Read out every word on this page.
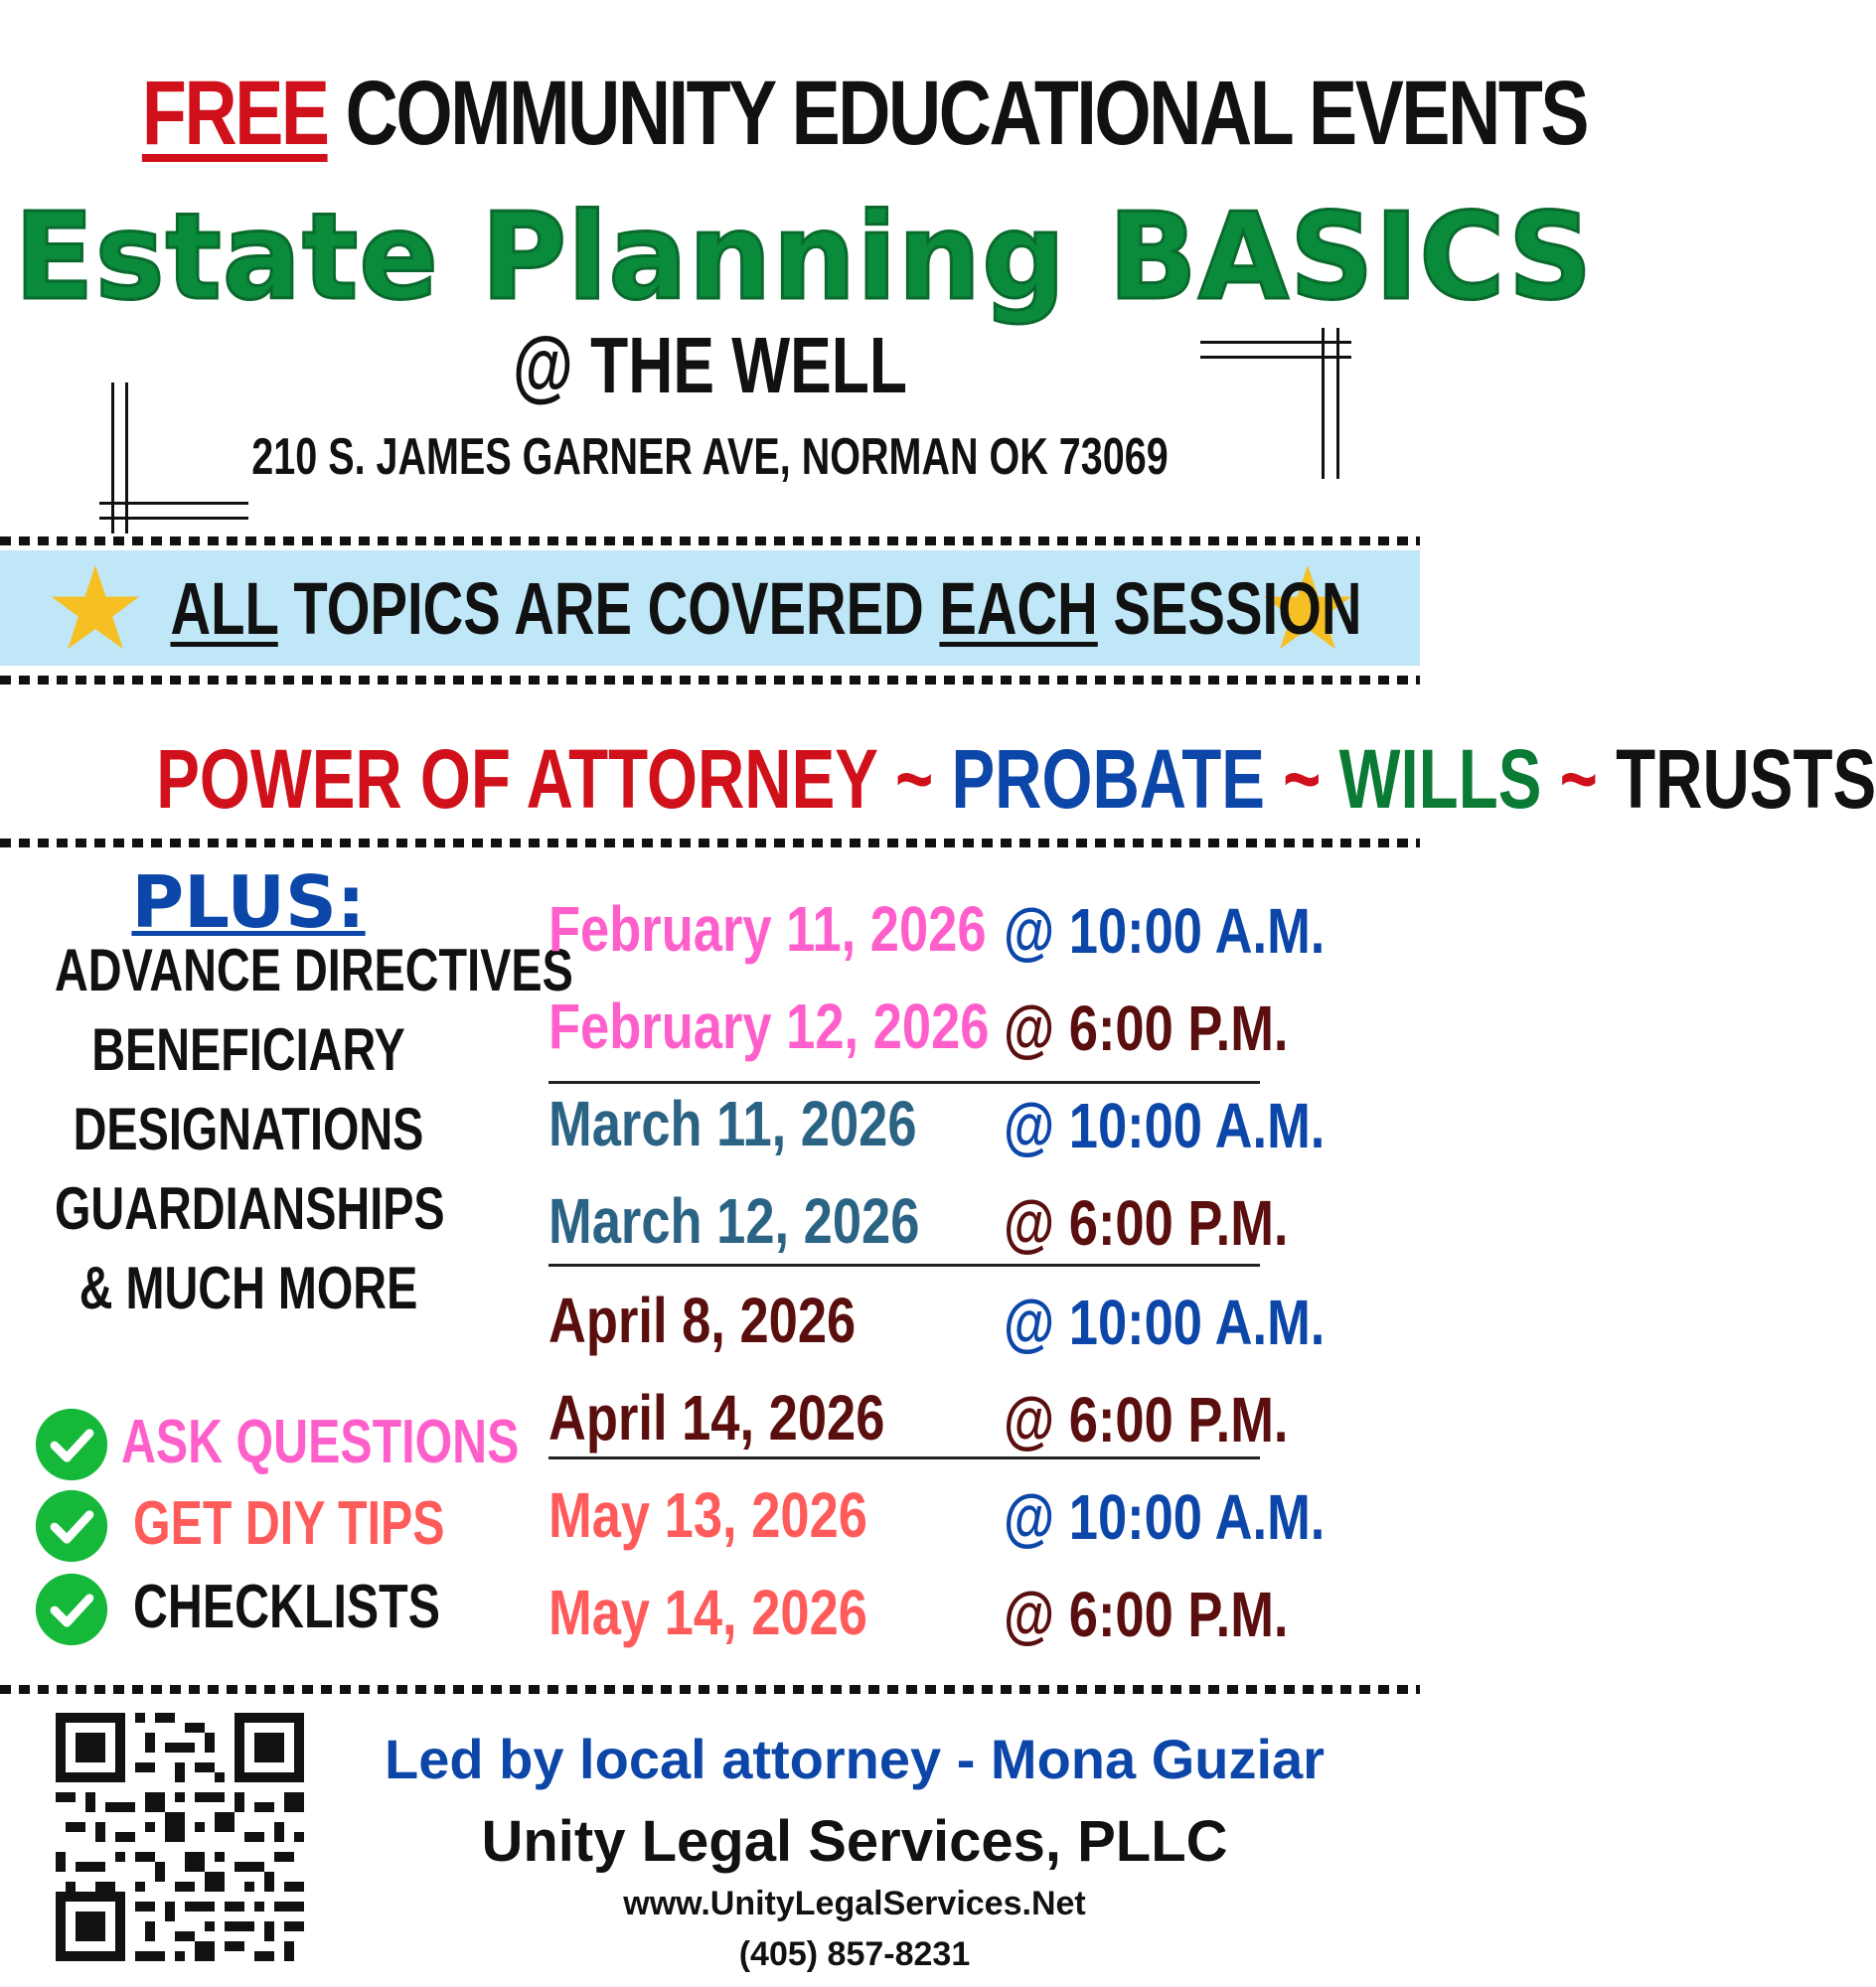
FREE COMMUNITY EDUCATIONAL EVENTS
Estate Planning BASICS
@ THE WELL
210 S. JAMES GARNER AVE, NORMAN OK 73069
ALL TOPICS ARE COVERED EACH SESSION
POWER OF ATTORNEY ~ PROBATE ~ WILLS ~ TRUSTS
PLUS:
ADVANCE DIRECTIVES
BENEFICIARY
DESIGNATIONS
GUARDIANSHIPS
& MUCH MORE
ASK QUESTIONS
GET DIY TIPS
CHECKLISTS
February 11, 2026 @ 10:00 A.M.
February 12, 2026 @ 6:00 P.M.
March 11, 2026 @ 10:00 A.M.
March 12, 2026 @ 6:00 P.M.
April 8, 2026 @ 10:00 A.M.
April 14, 2026 @ 6:00 P.M.
May 13, 2026 @ 10:00 A.M.
May 14, 2026 @ 6:00 P.M.
Led by local attorney - Mona Guziar
Unity Legal Services, PLLC
www.UnityLegalServices.Net
(405) 857-8231
